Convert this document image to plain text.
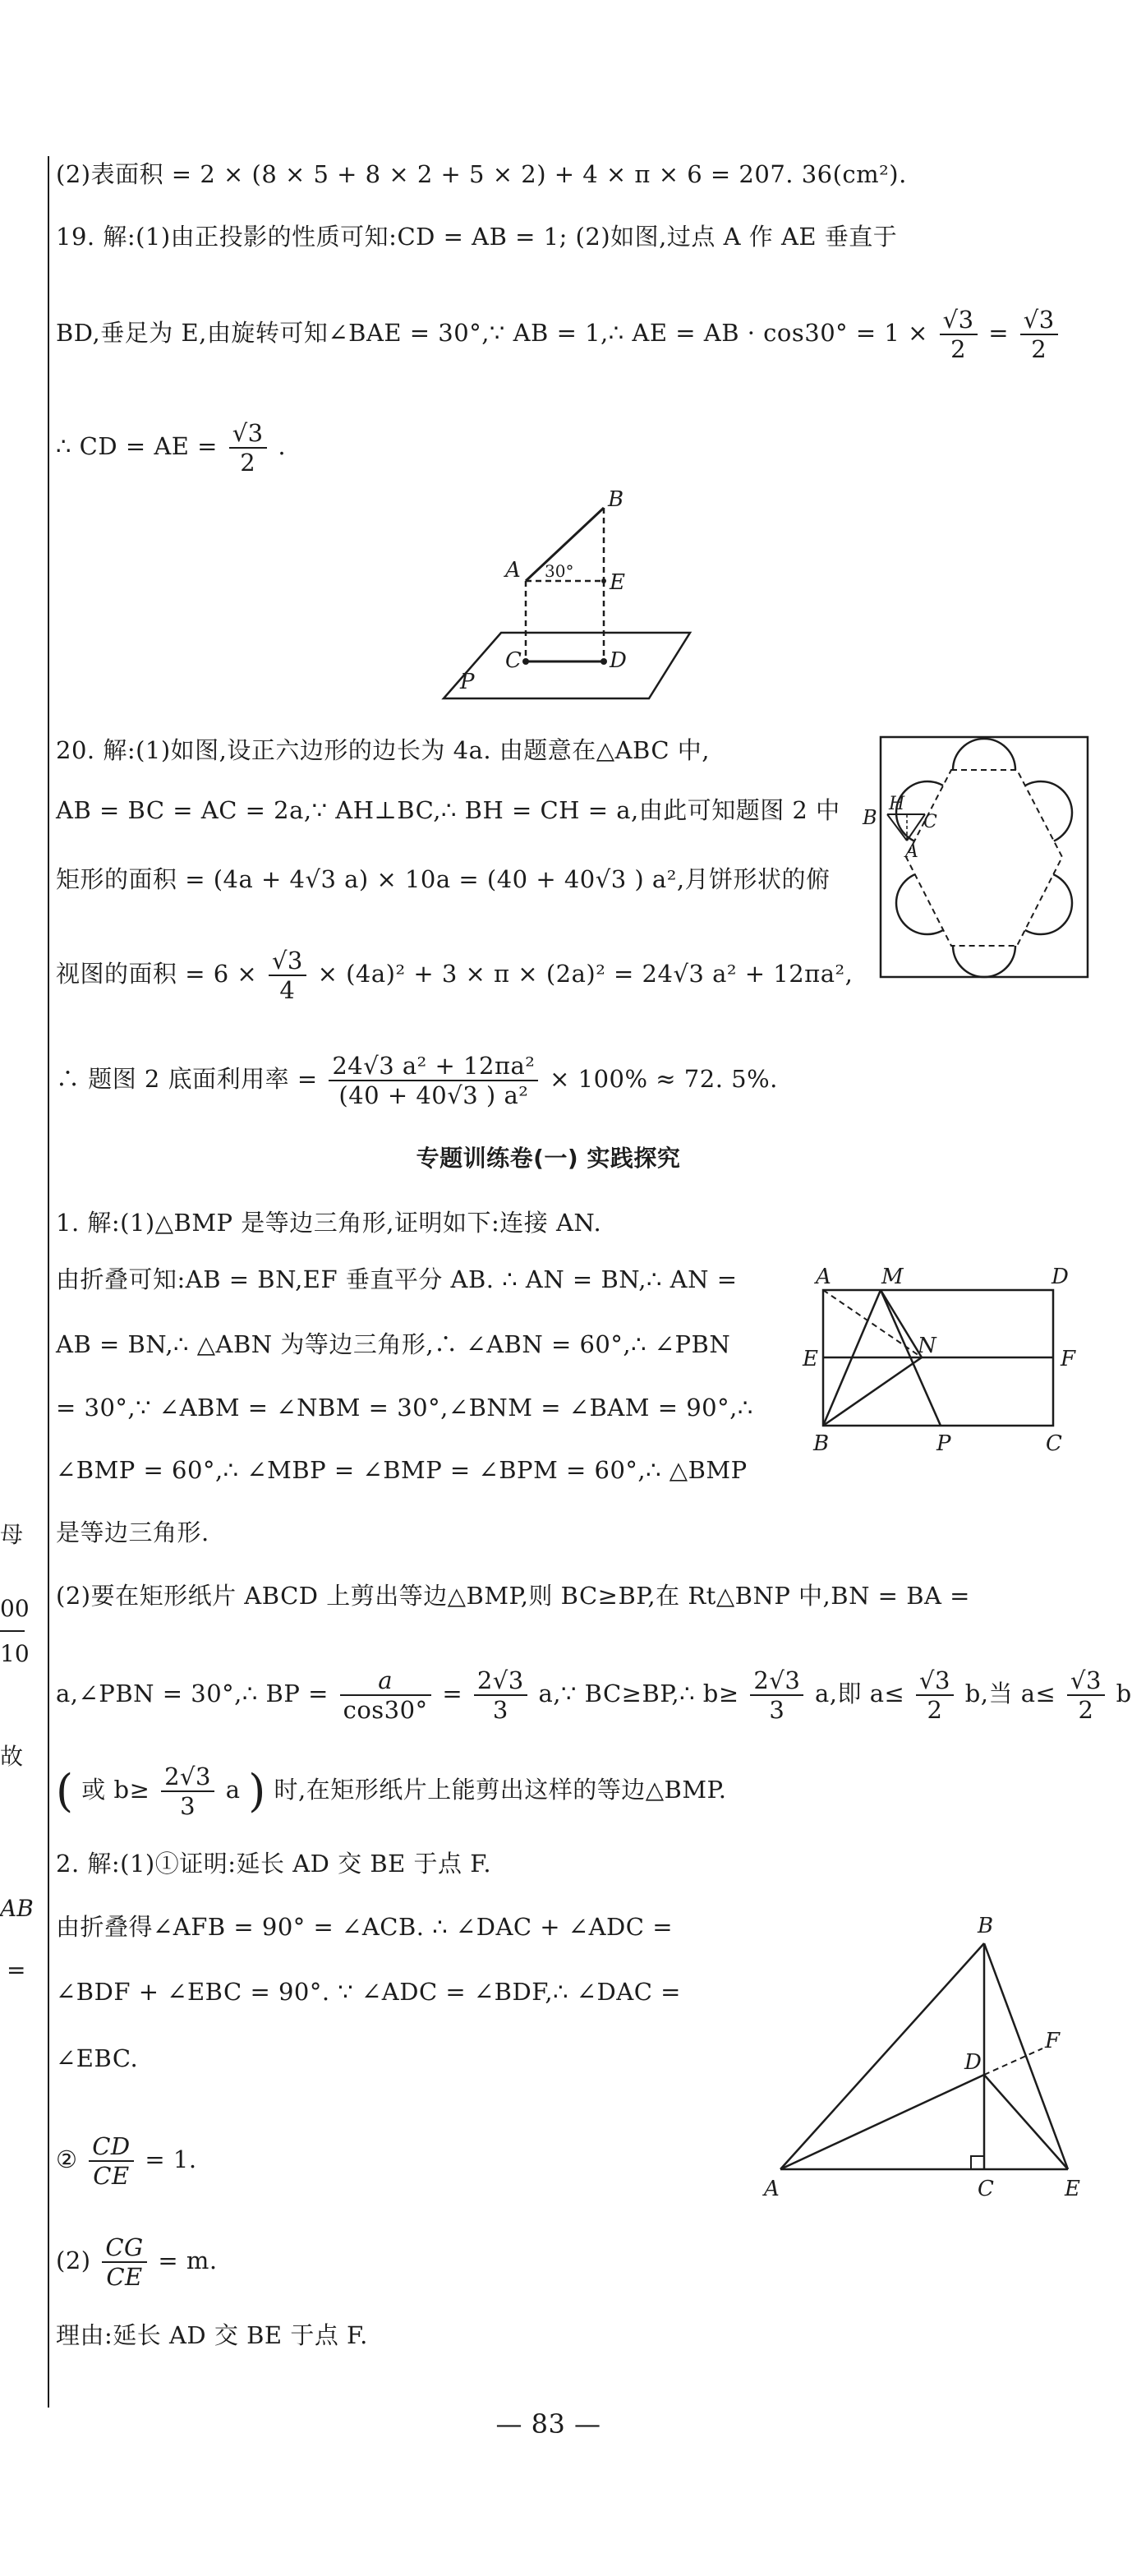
母
00
10
故
AB
=
(2)表面积 = 2 × (8 × 5 + 8 × 2 + 5 × 2) + 4 × π × 6 = 207. 36(cm²).
19. 解:(1)由正投影的性质可知:CD = AB = 1; (2)如图,过点 A 作 AE 垂直于
BD,垂足为 E,由旋转可知∠BAE = 30°,∵ AB = 1,∴ AE = AB · $\cos 30^\circ = 1 \times \frac{√3}{2} = \frac{√3}{2}$
∴ CD = AE = $\frac{√3}{2}$ .
B
A 30° E
C	D
P
20. 解:(1)如图,设正六边形的边长为 4a. 由题意在△ABC 中,
AB = BC = AC = 2a,∵ AH⊥BC,∴ BH = CH = a,由此可知题图 2 中
矩形的面积 = (4a + 4√3 a) × 10a = (40 + 40√3 ) a²,月饼形状的俯
视图的面积 = $6 \times \frac{√3}{4} \times (4a)^2 + 3 \times \pi \times (2a)^2 = 24√3$ a² + 12πa²,
∴ 题图 2 底面利用率 = $\frac{\text{24√3 a² + 12πa²}}{\text{(40 + 40√3 ) a²}} \times 100\% \approx 72$. 5%.
H
C
A
B
专题训练卷(一) 实践探究
1. 解:(1)△BMP 是等边三角形,证明如下:连接 AN.
由折叠可知:AB = BN,EF 垂直平分 AB. ∴ AN = BN,∴ AN =
AB = BN,∴ △ABN 为等边三角形,∴ ∠ABN = 60°,∴ ∠PBN
= 30°,∵ ∠ABM = ∠NBM = 30°,∠BNM = ∠BAM = 90°,∴
∠BMP = 60°,∴ ∠MBP = ∠BMP = ∠BPM = 60°,∴ △BMP
是等边三角形.
A M	D
E
N
F
B	P	C
(2)要在矩形纸片 ABCD 上剪出等边△BMP,则 BC≥BP,在 Rt△BNP 中,BN = BA =
a,∠PBN = 30°,∴ BP = $\frac{a}{\cos 30^\circ} = \frac{2√3}{3}$ a,∵ BC≥BP,∴ $b\ge \frac{2√3}{3} a$,即 $a\le \frac{√3}{2} b$,当 $a\le \frac{√3}{2}$ b
( 或 $b\ge \frac{2√3}{3}$ a ) 时,在矩形纸片上能剪出这样的等边△BMP.
2. 解:(1)①证明:延长 AD 交 BE 于点 F.
由折叠得∠AFB = 90° = ∠ACB. ∴ ∠DAC + ∠ADC =
∠BDF + ∠EBC = 90°. ∵ ∠ADC = ∠BDF,∴ ∠DAC =
∠EBC.
② $\frac{CD}{CE} = 1$.
$(2) \frac{CG}{CE} = m$.
理由:延长 AD 交 BE 于点 F.
B
D
F
A	C	E
— 83 —
